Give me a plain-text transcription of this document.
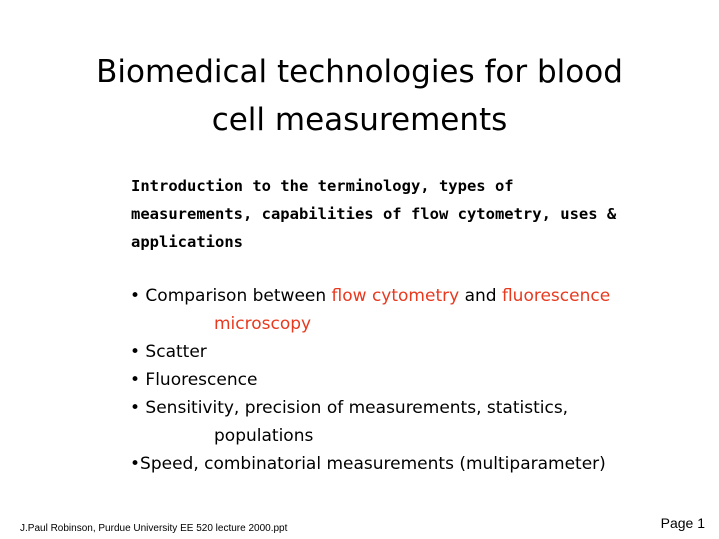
Biomedical technologies for blood
cell measurements

Introduction to the terminology, types of
measurements, capabilities of flow cytometry, uses &
applications

• Comparison between flow cytometry and fluorescence
microscopy
• Scatter
• Fluorescence
• Sensitivity, precision of measurements, statistics,
populations
•Speed, combinatorial measurements (multiparameter)
J.Paul Robinson, Purdue University EE 520 lecture 2000.ppt	Page 1
